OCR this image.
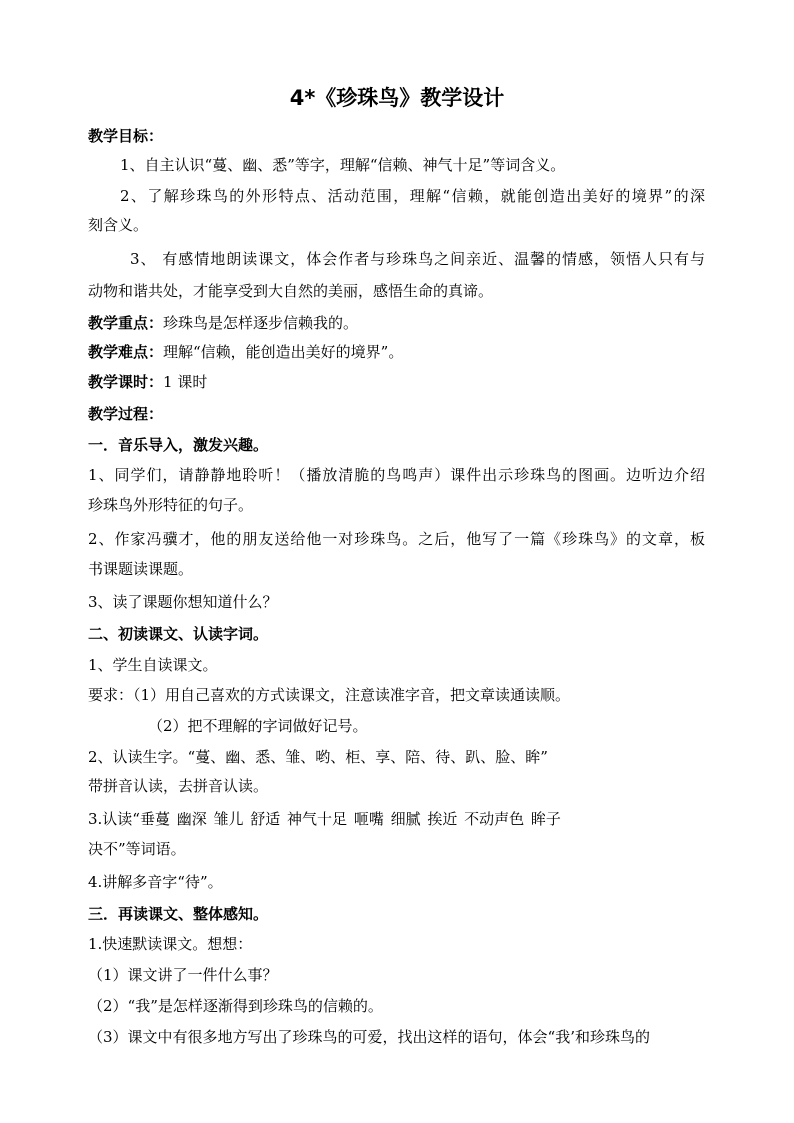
4*《珍珠鸟》教学设计
教学目标：
1、自主认识“蔓、幽、悉”等字，理解“信赖、神气十足”等词含义。
2、了解珍珠鸟的外形特点、活动范围，理解“信赖，就能创造出美好的境界”的深
刻含义。
3、 有感情地朗读课文，体会作者与珍珠鸟之间亲近、温馨的情感，领悟人只有与
动物和谐共处，才能享受到大自然的美丽，感悟生命的真谛。
教学重点：珍珠鸟是怎样逐步信赖我的。
教学难点：理解“信赖，能创造出美好的境界”。
教学课时：1 课时
教学过程：
一．音乐导入，激发兴趣。
1、同学们，请静静地聆听！（播放清脆的鸟鸣声）课件出示珍珠鸟的图画。边听边介绍
珍珠鸟外形特征的句子。
2、作家冯骥才，他的朋友送给他一对珍珠鸟。之后，他写了一篇《珍珠鸟》的文章，板
书课题读课题。
3、读了课题你想知道什么？
二、初读课文、认读字词。
1、学生自读课文。
要求：（1）用自己喜欢的方式读课文，注意读准字音，把文章读通读顺。
（2）把不理解的字词做好记号。
2、认读生字。“蔓、幽、悉、雏、哟、柜、享、陪、待、趴、脸、眸”
带拼音认读，去拼音认读。
3.认读“垂蔓 幽深 雏儿 舒适 神气十足 咂嘴 细腻 挨近 不动声色 眸子
决不”等词语。
4.讲解多音字“待”。
三．再读课文、整体感知。
1.快速默读课文。想想：
（1）课文讲了一件什么事？
（2）“我”是怎样逐渐得到珍珠鸟的信赖的。
（3）课文中有很多地方写出了珍珠鸟的可爱，找出这样的语句，体会“我’和珍珠鸟的
